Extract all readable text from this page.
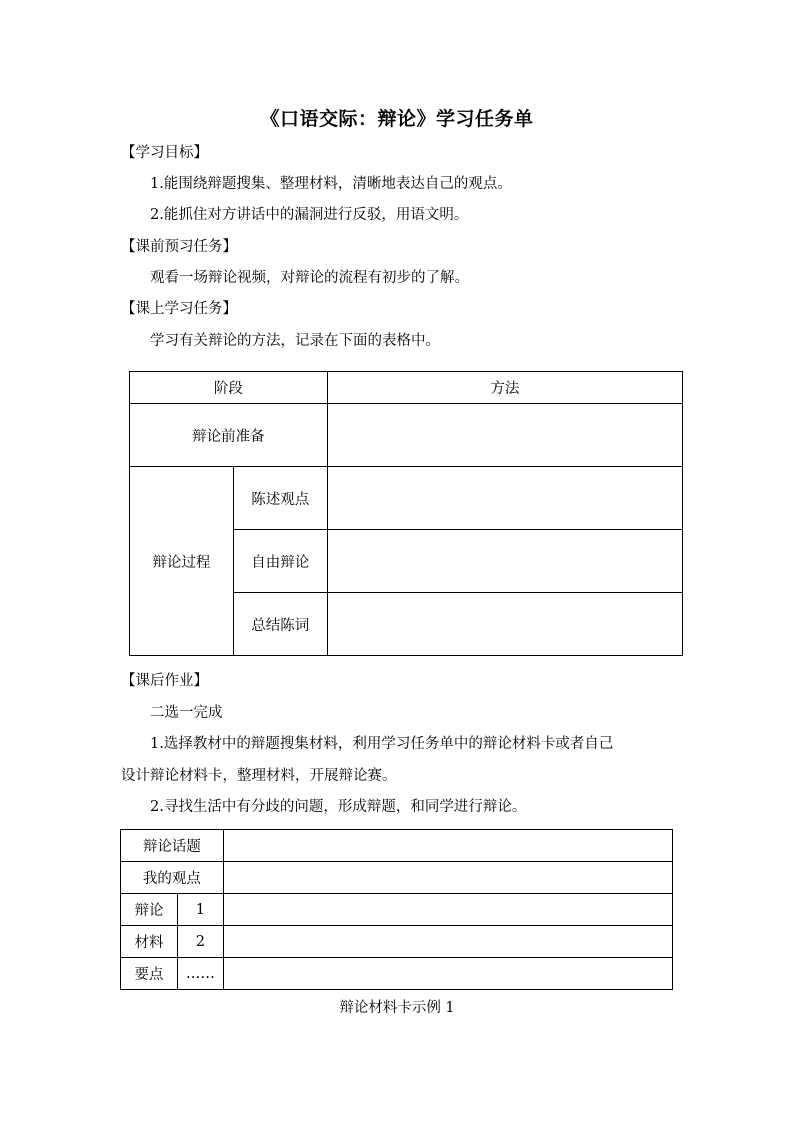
《口语交际：辩论》学习任务单
【学习目标】
1.能围绕辩题搜集、整理材料，清晰地表达自己的观点。
2.能抓住对方讲话中的漏洞进行反驳，用语文明。
【课前预习任务】
观看一场辩论视频，对辩论的流程有初步的了解。
【课上学习任务】
学习有关辩论的方法，记录在下面的表格中。
阶段		方法
辩论前准备		
辩论过程	陈述观点	
	自由辩论	
	总结陈词	
【课后作业】
二选一完成
1.选择教材中的辩题搜集材料，利用学习任务单中的辩论材料卡或者自己
设计辩论材料卡，整理材料，开展辩论赛。
2.寻找生活中有分歧的问题，形成辩题，和同学进行辩论。
辩论话题		
我的观点		
辩论	1	
材料	2	
要点	……	
辩论材料卡示例 1
